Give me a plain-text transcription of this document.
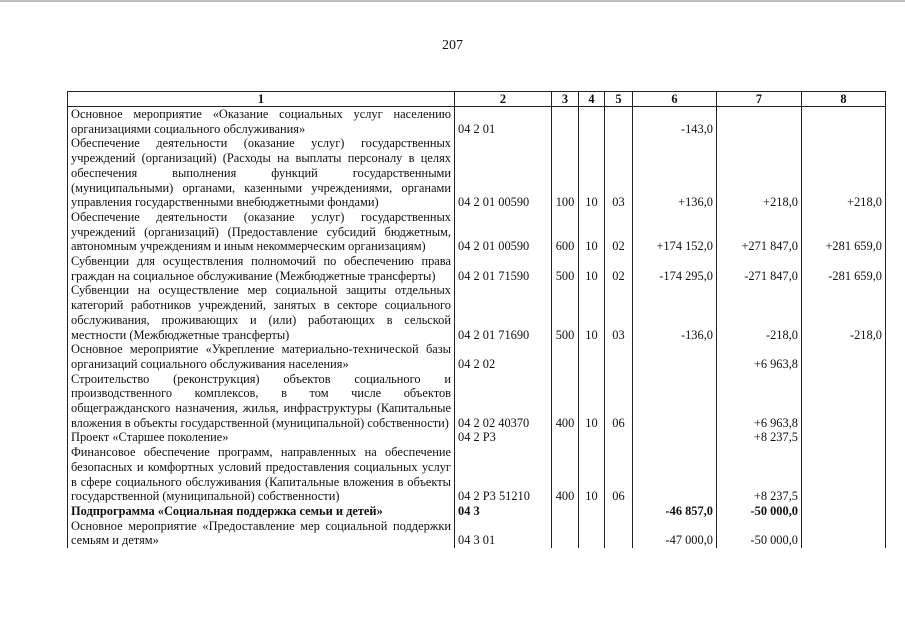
207
1	2	3	4	5	6	7	8
Основное мероприятие «Оказание социальных услуг населению организациями социального обслуживания»	04 2 01				-143,0		
Обеспечение деятельности (оказание услуг) государственных учреждений (организаций) (Расходы на выплаты персоналу в целях обеспечения выполнения функций государственными (муниципальными) органами, казенными учреждениями, органами управления государственными внебюджетными фондами)	04 2 01 00590	100	10	03	+136,0	+218,0	+218,0
Обеспечение деятельности (оказание услуг) государственных учреждений (организаций) (Предоставление субсидий бюджетным, автономным учреждениям и иным некоммерческим организациям)	04 2 01 00590	600	10	02	+174 152,0	+271 847,0	+281 659,0
Субвенции для осуществления полномочий по обеспечению права граждан на социальное обслуживание (Межбюджетные трансферты)	04 2 01 71590	500	10	02	-174 295,0	-271 847,0	-281 659,0
Субвенции на осуществление мер социальной защиты отдельных категорий работников учреждений, занятых в секторе социального обслуживания, проживающих и (или) работающих в сельской местности (Межбюджетные трансферты)	04 2 01 71690	500	10	03	-136,0	-218,0	-218,0
Основное мероприятие «Укрепление материально-технической базы организаций социального обслуживания населения»	04 2 02					+6 963,8	
Строительство (реконструкция) объектов социального и производственного комплексов, в том числе объектов общегражданского назначения, жилья, инфраструктуры (Капитальные вложения в объекты государственной (муниципальной) собственности)	04 2 02 40370	400	10	06		+6 963,8	
Проект «Старшее поколение»	04 2 P3					+8 237,5	
Финансовое обеспечение программ, направленных на обеспечение безопасных и комфортных условий предоставления социальных услуг в сфере социального обслуживания (Капитальные вложения в объекты государственной (муниципальной) собственности)	04 2 P3 51210	400	10	06		+8 237,5	
Подпрограмма «Социальная поддержка семьи и детей»	04 3				-46 857,0	-50 000,0	
Основное мероприятие «Предоставление мер социальной поддержки семьям и детям»	04 3 01				-47 000,0	-50 000,0	
